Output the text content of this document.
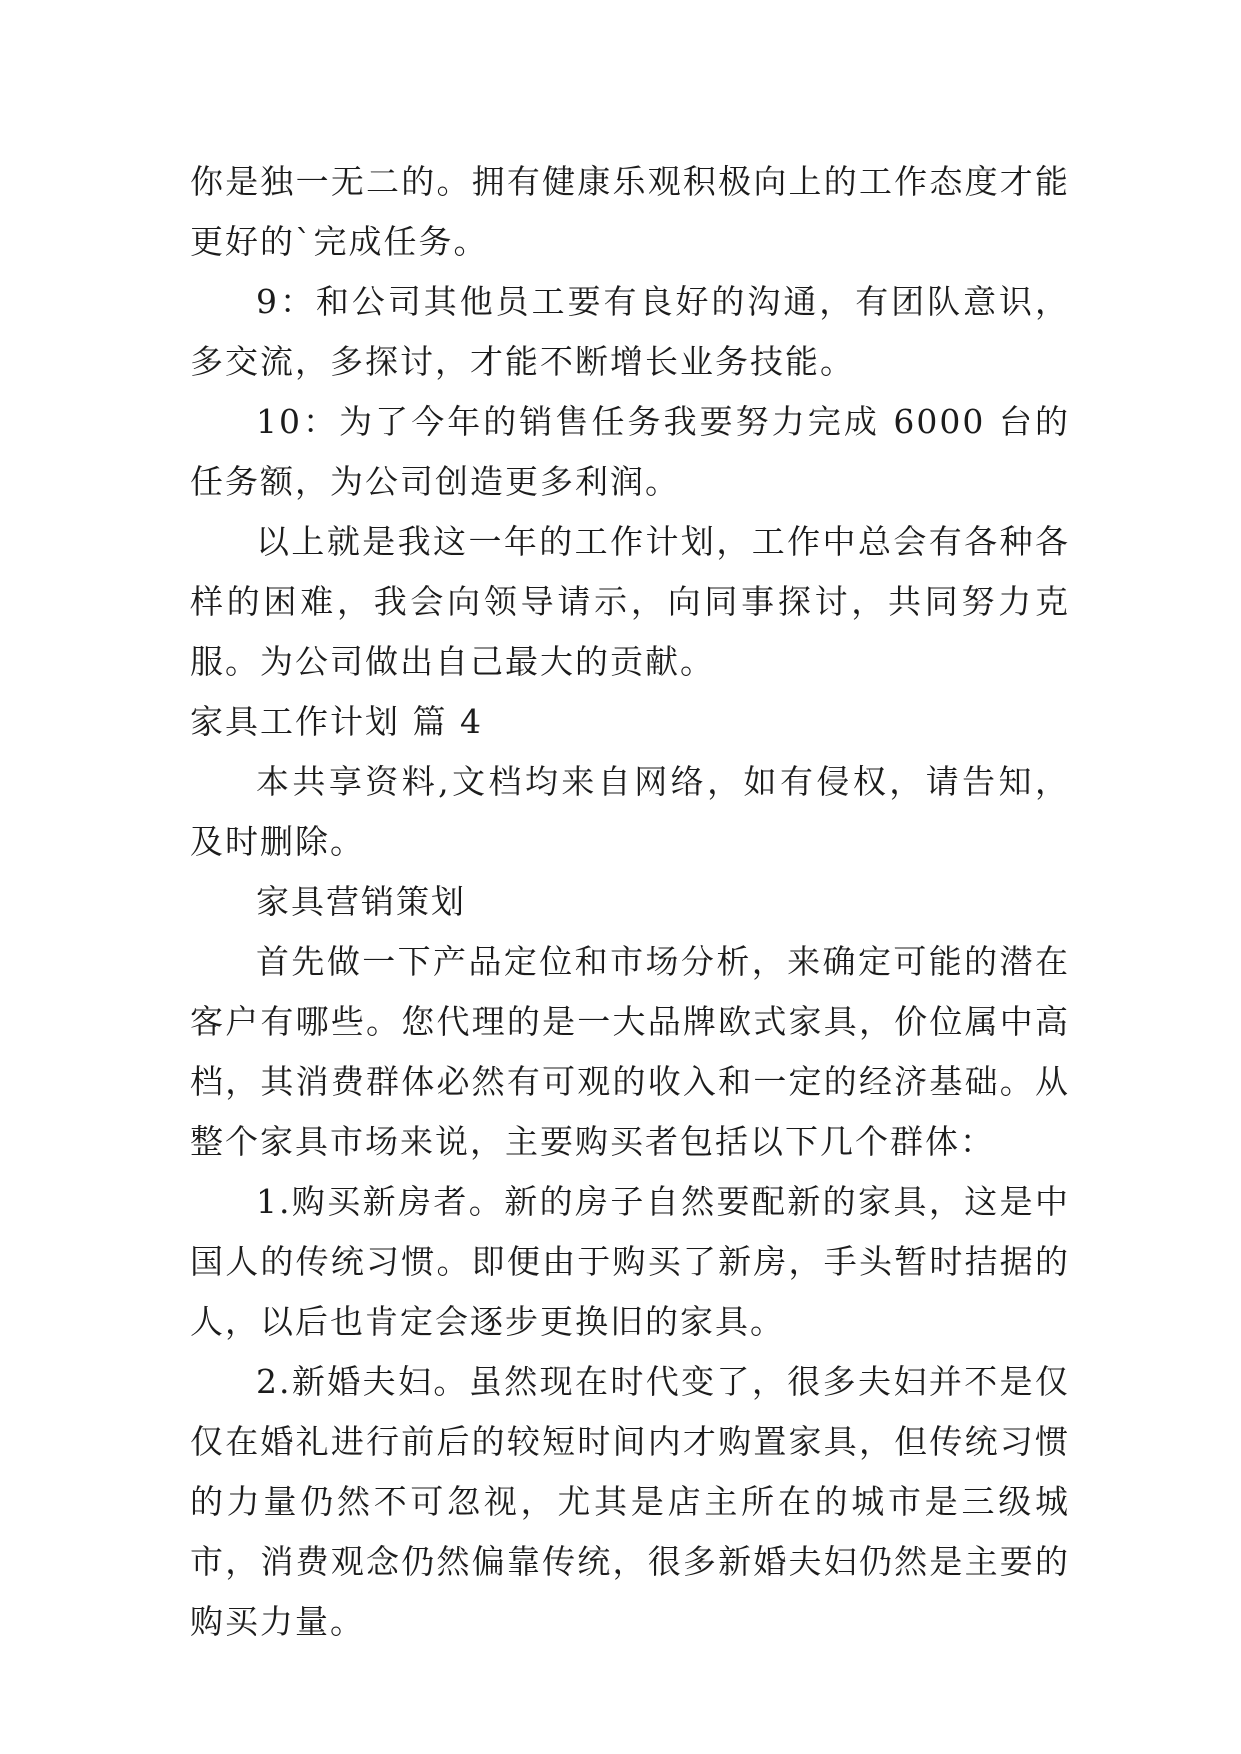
你是独一无二的。拥有健康乐观积极向上的工作态度才能更好的`完成任务。

9：和公司其他员工要有良好的沟通，有团队意识，多交流，多探讨，才能不断增长业务技能。

10：为了今年的销售任务我要努力完成 6000 台的任务额，为公司创造更多利润。

以上就是我这一年的工作计划，工作中总会有各种各样的困难，我会向领导请示，向同事探讨，共同努力克服。为公司做出自己最大的贡献。

家具工作计划 篇 4

本共享资料,文档均来自网络，如有侵权，请告知，及时删除。

家具营销策划

首先做一下产品定位和市场分析，来确定可能的潜在客户有哪些。您代理的是一大品牌欧式家具，价位属中高档，其消费群体必然有可观的收入和一定的经济基础。从整个家具市场来说，主要购买者包括以下几个群体：

1.购买新房者。新的房子自然要配新的家具，这是中国人的传统习惯。即便由于购买了新房，手头暂时拮据的人，以后也肯定会逐步更换旧的家具。

2.新婚夫妇。虽然现在时代变了，很多夫妇并不是仅仅在婚礼进行前后的较短时间内才购置家具，但传统习惯的力量仍然不可忽视，尤其是店主所在的城市是三级城市，消费观念仍然偏靠传统，很多新婚夫妇仍然是主要的购买力量。
